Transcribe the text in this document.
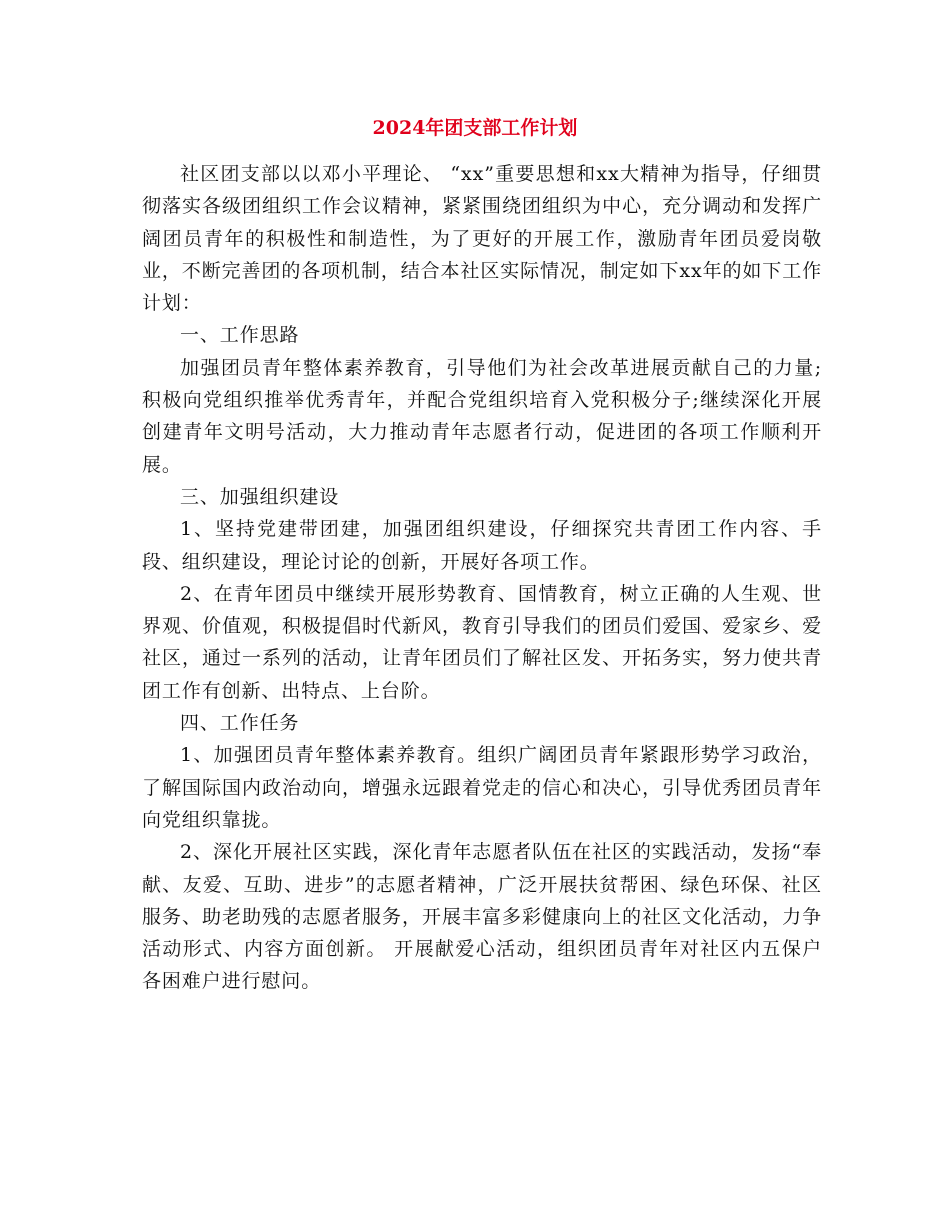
2024年团支部工作计划

社区团支部以以邓小平理论、 “xx”重要思想和xx大精神为指导，仔细贯彻落实各级团组织工作会议精神，紧紧围绕团组织为中心，充分调动和发挥广阔团员青年的积极性和制造性，为了更好的开展工作，激励青年团员爱岗敬业，不断完善团的各项机制，结合本社区实际情况，制定如下xx年的如下工作计划：

一、工作思路

加强团员青年整体素养教育，引导他们为社会改革进展贡献自己的力量;积极向党组织推举优秀青年，并配合党组织培育入党积极分子;继续深化开展创建青年文明号活动，大力推动青年志愿者行动，促进团的各项工作顺利开展。

三、加强组织建设

1、坚持党建带团建，加强团组织建设，仔细探究共青团工作内容、手段、组织建设，理论讨论的创新，开展好各项工作。

2、在青年团员中继续开展形势教育、国情教育，树立正确的人生观、世界观、价值观，积极提倡时代新风，教育引导我们的团员们爱国、爱家乡、爱社区，通过一系列的活动，让青年团员们了解社区发、开拓务实，努力使共青团工作有创新、出特点、上台阶。

四、工作任务

1、加强团员青年整体素养教育。组织广阔团员青年紧跟形势学习政治，了解国际国内政治动向，增强永远跟着党走的信心和决心，引导优秀团员青年向党组织靠拢。

2、深化开展社区实践，深化青年志愿者队伍在社区的实践活动，发扬“奉献、友爱、互助、进步”的志愿者精神，广泛开展扶贫帮困、绿色环保、社区服务、助老助残的志愿者服务，开展丰富多彩健康向上的社区文化活动，力争活动形式、内容方面创新。 开展献爱心活动，组织团员青年对社区内五保户各困难户进行慰问。
